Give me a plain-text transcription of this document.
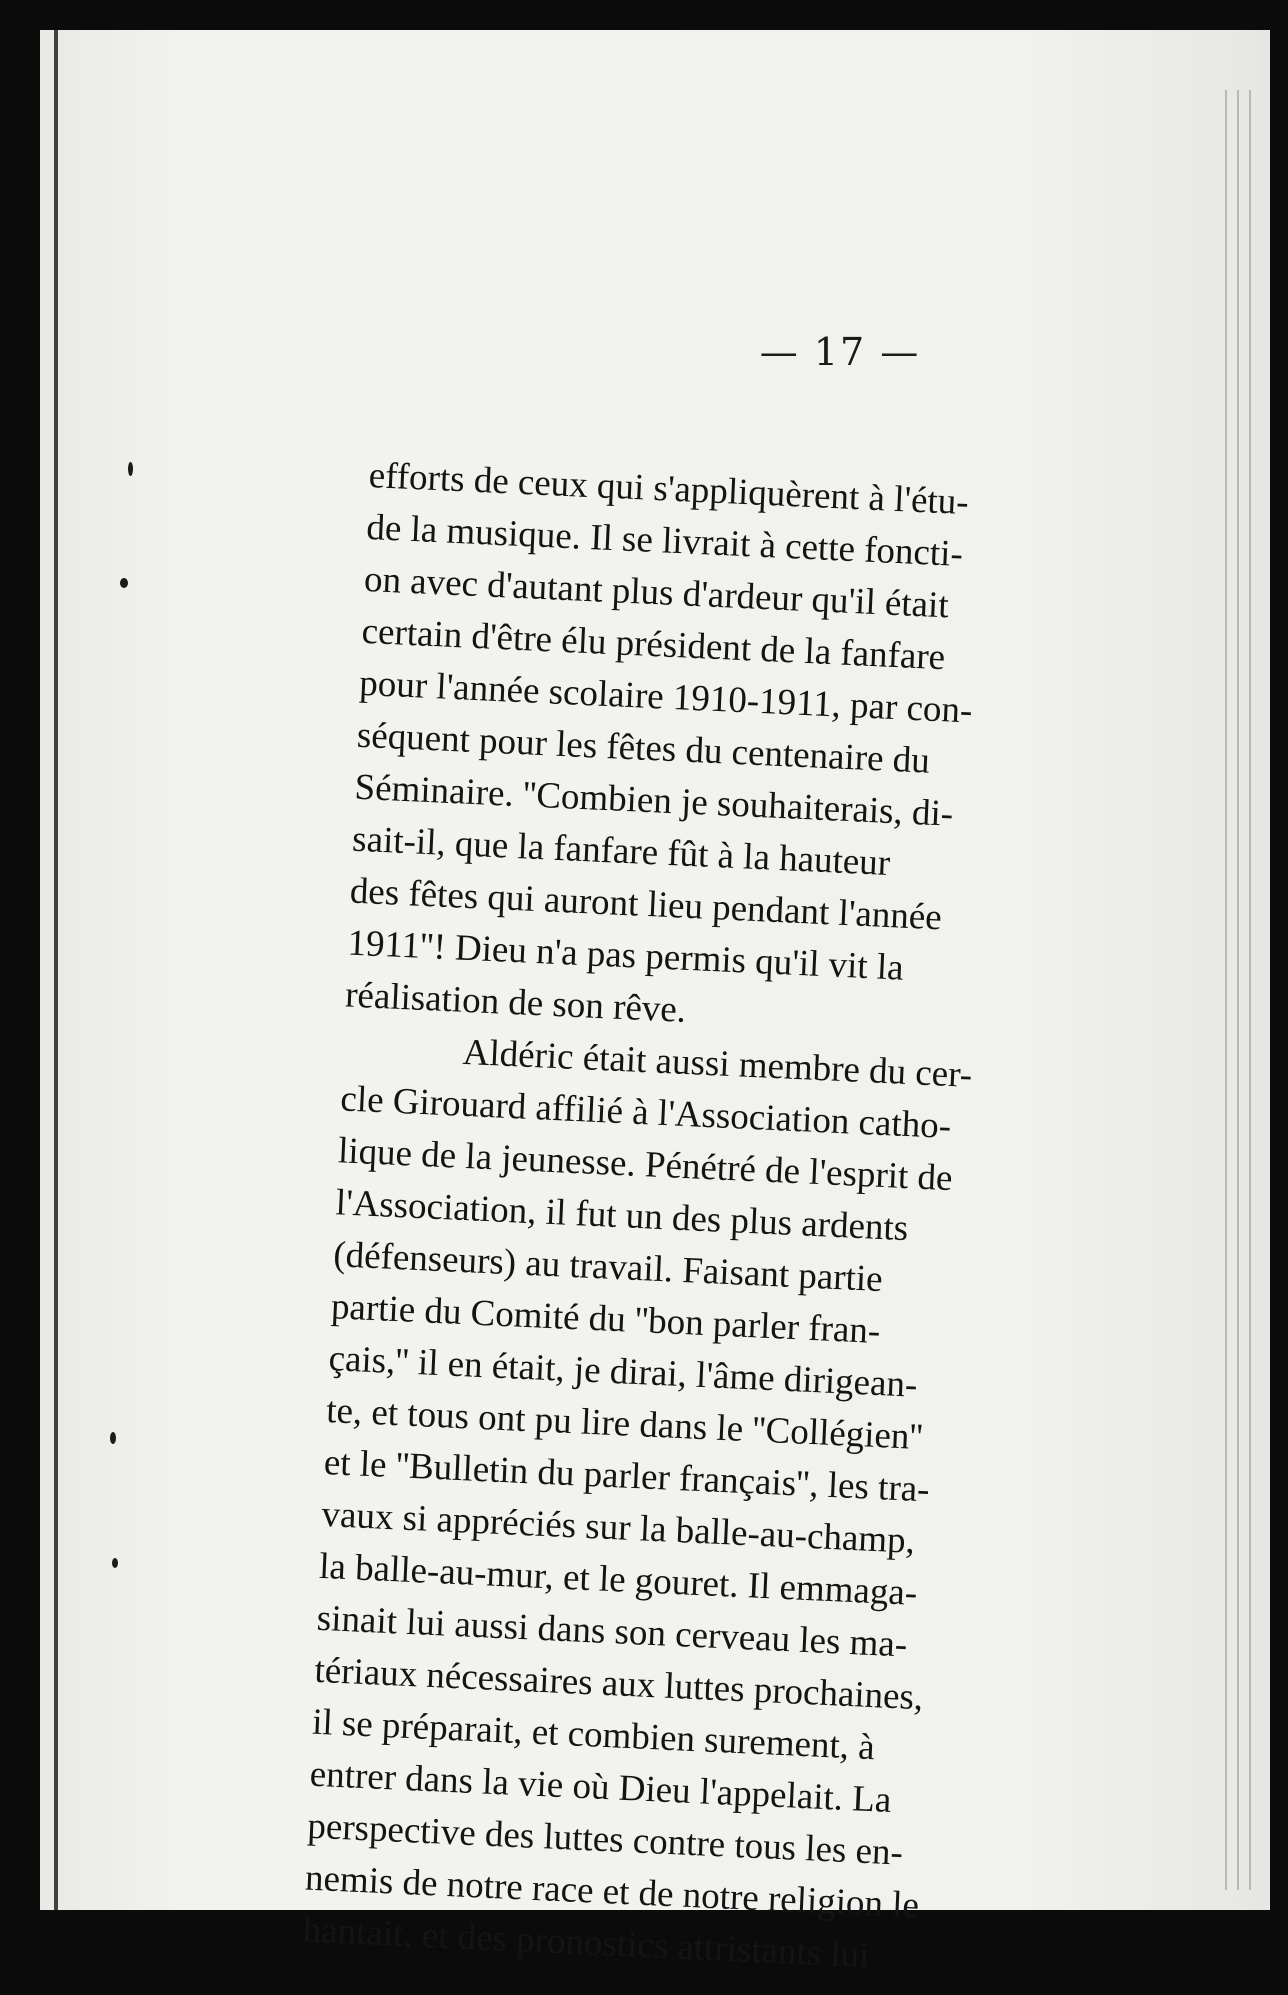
— 17 —
efforts de ceux qui s'appliquèrent à l'étu-
de la musique. Il se livrait à cette foncti-
on avec d'autant plus d'ardeur qu'il était
certain d'être élu président de la fanfare
pour l'année scolaire 1910-1911, par con-
séquent pour les fêtes du centenaire du
Séminaire. ''Combien je souhaiterais, di-
sait-il, que la fanfare fût à la hauteur
des fêtes qui auront lieu pendant l'année
1911''! Dieu n'a pas permis qu'il vit la
réalisation de son rêve.
Aldéric était aussi membre du cer-
cle Girouard affilié à l'Association catho-
lique de la jeunesse. Pénétré de l'esprit de
l'Association, il fut un des plus ardents
(défenseurs) au travail. Faisant partie
partie du Comité du ''bon parler fran-
çais,'' il en était, je dirai, l'âme dirigean-
te, et tous ont pu lire dans le ''Collégien''
et le ''Bulletin du parler français'', les tra-
vaux si appréciés sur la balle-au-champ,
la balle-au-mur, et le gouret. Il emmaga-
sinait lui aussi dans son cerveau les ma-
tériaux nécessaires aux luttes prochaines,
il se préparait, et combien surement, à
entrer dans la vie où Dieu l'appelait. La
perspective des luttes contre tous les en-
nemis de notre race et de notre religion le
hantait, et des pronostics attristants lui
